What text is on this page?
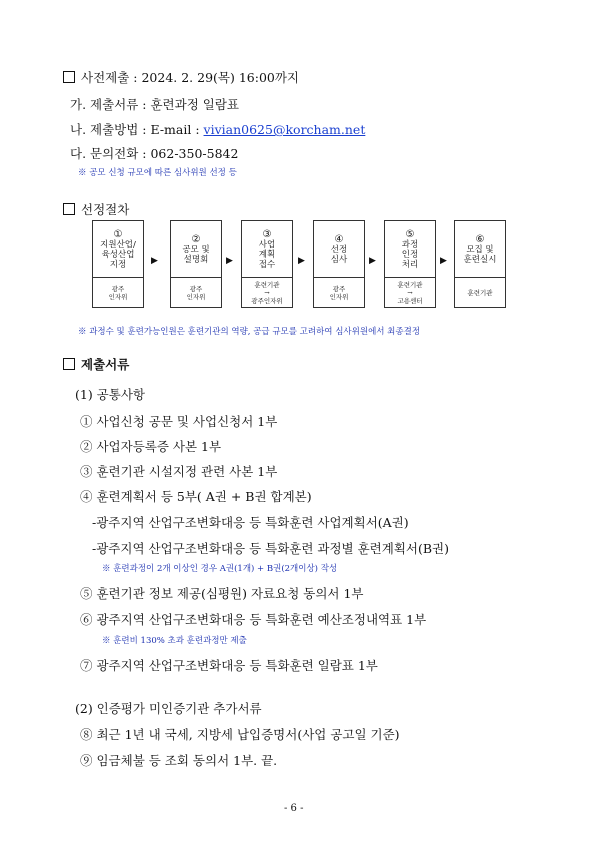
사전제출 : 2024. 2. 29(목) 16:00까지
가. 제출서류 : 훈련과정 일람표
나. 제출방법 : E-mail : vivian0625@korcham.net
다. 문의전화 : 062-350-5842
※ 공모 신청 규모에 따른 심사위원 선정 등
선정절차
①
지원산업/
육성산업
지정
광주
인자위
▶
②
공모 및
설명회
광주
인자위
▶
③
사업
계획
접수
훈련기관
→
광주인자위
▶
④
선정
심사
광주
인자위
▶
⑤
과정
인정
처리
훈련기관
→
고용센터
▶
⑥
모집 및
훈련실시
훈련기관
※ 과정수 및 훈련가능인원은 훈련기관의 역량, 공급 규모를 고려하여 심사위원에서 최종결정
제출서류
(1) 공통사항
① 사업신청 공문 및 사업신청서 1부
② 사업자등록증 사본 1부
③ 훈련기관 시설지정 관련 사본 1부
④ 훈련계획서 등 5부( A권 + B권 합계본)
-광주지역 산업구조변화대응 등 특화훈련 사업계획서(A권)
-광주지역 산업구조변화대응 등 특화훈련 과정별 훈련계획서(B권)
※ 훈련과정이 2개 이상인 경우 A권(1개) + B권(2개이상) 작성
⑤ 훈련기관 정보 제공(심평원) 자료요청 동의서 1부
⑥ 광주지역 산업구조변화대응 등 특화훈련 예산조정내역표 1부
※ 훈련비 130% 초과 훈련과정만 제출
⑦ 광주지역 산업구조변화대응 등 특화훈련 일람표 1부
(2) 인증평가 미인증기관 추가서류
⑧ 최근 1년 내 국세, 지방세 납입증명서(사업 공고일 기준)
⑨ 임금체불 등 조회 동의서 1부. 끝.
- 6 -
